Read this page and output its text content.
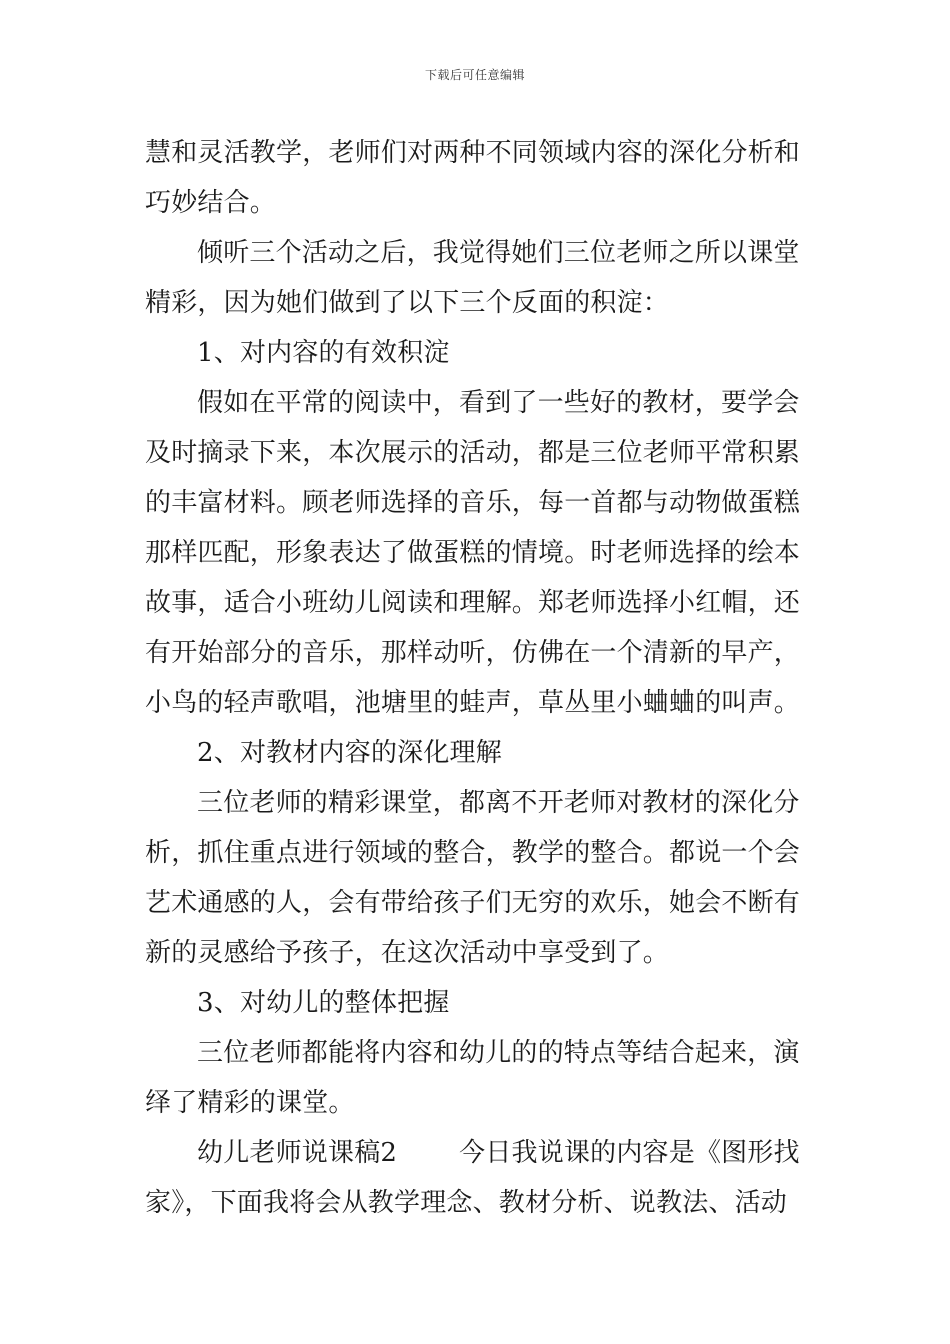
下载后可任意编辑
慧和灵活教学，老师们对两种不同领域内容的深化分析和
巧妙结合。
倾听三个活动之后，我觉得她们三位老师之所以课堂
精彩，因为她们做到了以下三个反面的积淀：
1、对内容的有效积淀
假如在平常的阅读中，看到了一些好的教材，要学会
及时摘录下来，本次展示的活动，都是三位老师平常积累
的丰富材料。顾老师选择的音乐，每一首都与动物做蛋糕
那样匹配，形象表达了做蛋糕的情境。时老师选择的绘本
故事，适合小班幼儿阅读和理解。郑老师选择小红帽，还
有开始部分的音乐，那样动听，仿佛在一个清新的早产，
小鸟的轻声歌唱，池塘里的蛙声，草丛里小蛐蛐的叫声。
2、对教材内容的深化理解
三位老师的精彩课堂，都离不开老师对教材的深化分
析，抓住重点进行领域的整合，教学的整合。都说一个会
艺术通感的人，会有带给孩子们无穷的欢乐，她会不断有
新的灵感给予孩子，在这次活动中享受到了。
3、对幼儿的整体把握
三位老师都能将内容和幼儿的的特点等结合起来，演
绎了精彩的课堂。
幼儿老师说课稿2 今日我说课的内容是《图形找
家》，下面我将会从教学理念、教材分析、说教法、活动
